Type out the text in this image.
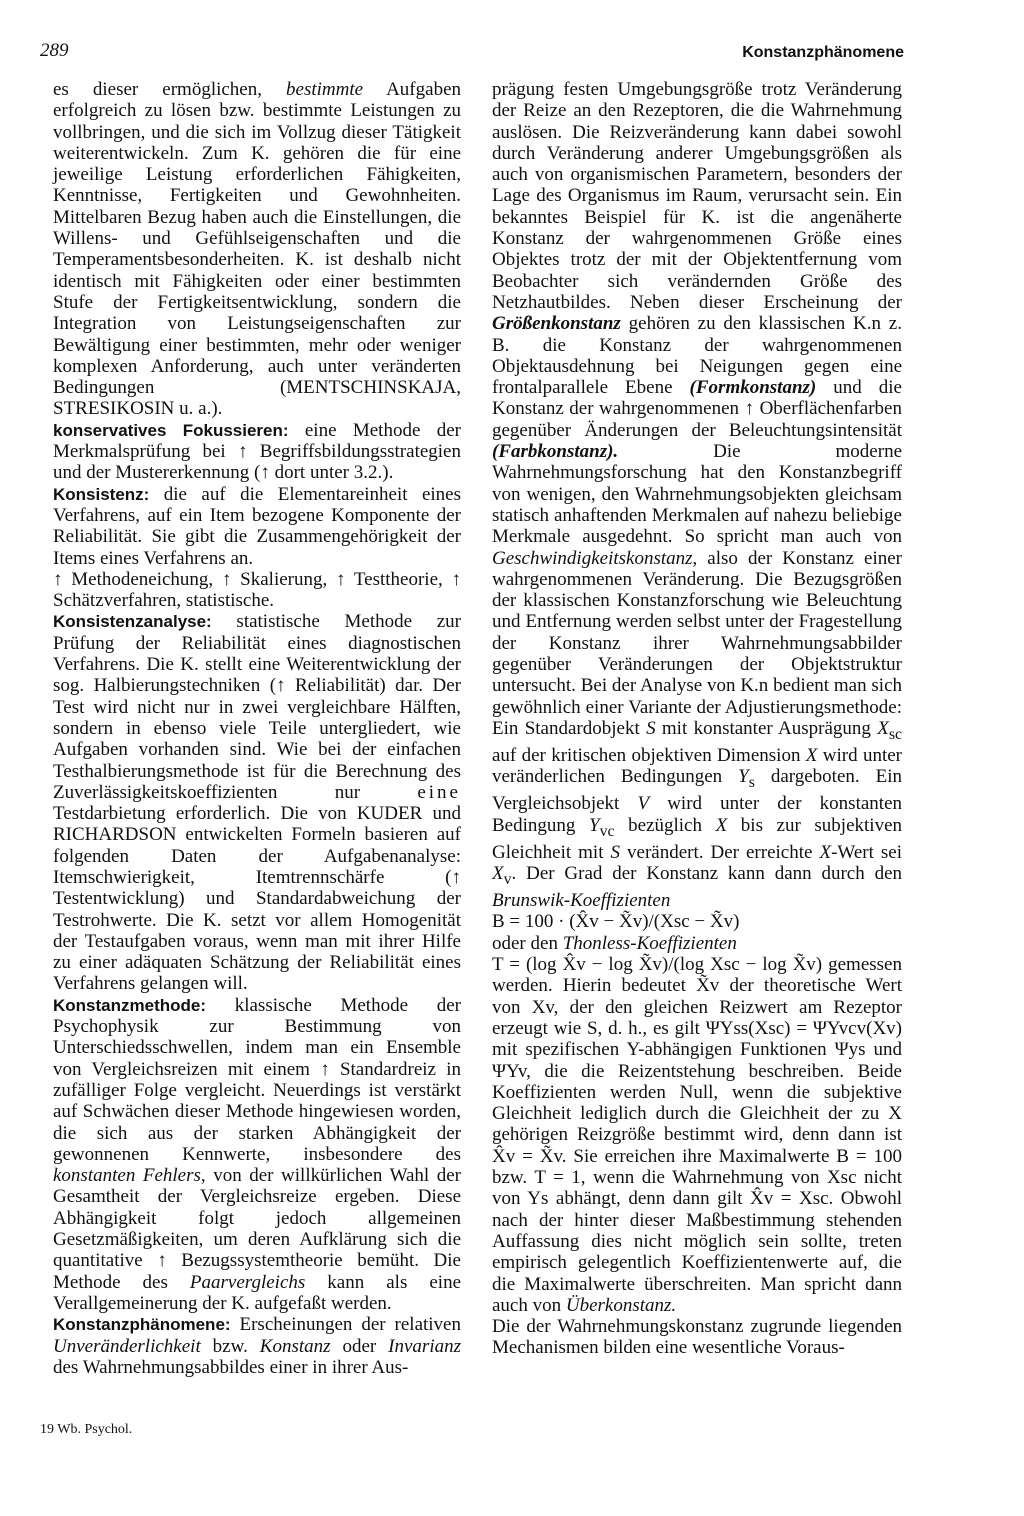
289	Konstanzphänomene

es dieser ermöglichen, bestimmte Aufgaben erfolgreich zu lösen bzw. bestimmte Leistungen zu vollbringen, und die sich im Vollzug dieser Tätigkeit weiterentwickeln. Zum K. gehören die für eine jeweilige Leistung erforderlichen Fähigkeiten, Kenntnisse, Fertigkeiten und Gewohnheiten. Mittelbaren Bezug haben auch die Einstellungen, die Willens- und Gefühlseigenschaften und die Temperamentsbesonderheiten. K. ist deshalb nicht identisch mit Fähigkeiten oder einer bestimmten Stufe der Fertigkeitsentwicklung, sondern die Integration von Leistungseigenschaften zur Bewältigung einer bestimmten, mehr oder weniger komplexen Anforderung, auch unter veränderten Bedingungen (MENTSCHINSKAJA, STRESIKOSIN u. a.).

konservatives Fokussieren: eine Methode der Merkmalsprüfung bei ↑ Begriffsbildungsstrategien und der Mustererkennung (↑ dort unter 3.2.).

Konsistenz: die auf die Elementareinheit eines Verfahrens, auf ein Item bezogene Komponente der Reliabilität. Sie gibt die Zusammengehörigkeit der Items eines Verfahrens an.

↑ Methodeneichung, ↑ Skalierung, ↑ Testtheorie, ↑ Schätzverfahren, statistische.

Konsistenzanalyse: statistische Methode zur Prüfung der Reliabilität eines diagnostischen Verfahrens. Die K. stellt eine Weiterentwicklung der sog. Halbierungstechniken (↑ Reliabilität) dar. Der Test wird nicht nur in zwei vergleichbare Hälften, sondern in ebenso viele Teile untergliedert, wie Aufgaben vorhanden sind. Wie bei der einfachen Testhalbierungsmethode ist für die Berechnung des Zuverlässigkeitskoeffizienten nur eine Testdarbietung erforderlich. Die von KUDER und RICHARDSON entwickelten Formeln basieren auf folgenden Daten der Aufgabenanalyse: Itemschwierigkeit, Itemtrennschärfe (↑ Testentwicklung) und Standardabweichung der Testrohwerte. Die K. setzt vor allem Homogenität der Testaufgaben voraus, wenn man mit ihrer Hilfe zu einer adäquaten Schätzung der Reliabilität eines Verfahrens gelangen will.

Konstanzmethode: klassische Methode der Psychophysik zur Bestimmung von Unterschiedsschwellen, indem man ein Ensemble von Vergleichsreizen mit einem ↑ Standardreiz in zufälliger Folge vergleicht. Neuerdings ist verstärkt auf Schwächen dieser Methode hingewiesen worden, die sich aus der starken Abhängigkeit der gewonnenen Kennwerte, insbesondere des konstanten Fehlers, von der willkürlichen Wahl der Gesamtheit der Vergleichsreize ergeben. Diese Abhängigkeit folgt jedoch allgemeinen Gesetzmäßigkeiten, um deren Aufklärung sich die quantitative ↑ Bezugssystemtheorie bemüht. Die Methode des Paarvergleichs kann als eine Verallgemeinerung der K. aufgefaßt werden.

Konstanzphänomene: Erscheinungen der relativen Unveränderlichkeit bzw. Konstanz oder Invarianz des Wahrnehmungsabbildes einer in ihrer Aus-

prägung festen Umgebungsgröße trotz Veränderung der Reize an den Rezeptoren, die die Wahrnehmung auslösen. Die Reizveränderung kann dabei sowohl durch Veränderung anderer Umgebungsgrößen als auch von organismischen Parametern, besonders der Lage des Organismus im Raum, verursacht sein. Ein bekanntes Beispiel für K. ist die angenäherte Konstanz der wahrgenommenen Größe eines Objektes trotz der mit der Objektentfernung vom Beobachter sich verändernden Größe des Netzhautbildes. Neben dieser Erscheinung der Größenkonstanz gehören zu den klassischen K.n z. B. die Konstanz der wahrgenommenen Objektausdehnung bei Neigungen gegen eine frontalparallele Ebene (Formkonstanz) und die Konstanz der wahrgenommenen ↑ Oberflächenfarben gegenüber Änderungen der Beleuchtungsintensität (Farbkonstanz). Die moderne Wahrnehmungsforschung hat den Konstanzbegriff von wenigen, den Wahrnehmungsobjekten gleichsam statisch anhaftenden Merkmalen auf nahezu beliebige Merkmale ausgedehnt. So spricht man auch von Geschwindigkeitskonstanz, also der Konstanz einer wahrgenommenen Veränderung. Die Bezugsgrößen der klassischen Konstanzforschung wie Beleuchtung und Entfernung werden selbst unter der Fragestellung der Konstanz ihrer Wahrnehmungsabbilder gegenüber Veränderungen der Objektstruktur untersucht. Bei der Analyse von K.n bedient man sich gewöhnlich einer Variante der Adjustierungsmethode: Ein Standardobjekt S mit konstanter Ausprägung $X_{sc}$ auf der kritischen objektiven Dimension X wird unter veränderlichen Bedingungen $Y_s$ dargeboten. Ein Vergleichsobjekt V wird unter der konstanten Bedingung $Y_{vc}$ bezüglich X bis zur subjektiven Gleichheit mit S verändert. Der erreichte X-Wert sei $X_v$. Der Grad der Konstanz kann dann durch den Brunswik-Koeffizienten

B = 100 · (X̂v − X̃v)/(Xsc − X̃v)

oder den Thonless-Koeffizienten

T = (log X̂v − log X̃v)/(log Xsc − log X̃v) gemessen werden. Hierin bedeutet X̃v der theoretische Wert von Xv, der den gleichen Reizwert am Rezeptor erzeugt wie S, d. h., es gilt ΨYss(Xsc) = ΨYvcv(Xv) mit spezifischen Y-abhängigen Funktionen Ψys und ΨYv, die die Reizentstehung beschreiben. Beide Koeffizienten werden Null, wenn die subjektive Gleichheit lediglich durch die Gleichheit der zu X gehörigen Reizgröße bestimmt wird, denn dann ist X̂v = X̃v. Sie erreichen ihre Maximalwerte B = 100 bzw. T = 1, wenn die Wahrnehmung von Xsc nicht von Ys abhängt, denn dann gilt X̂v = Xsc. Obwohl nach der hinter dieser Maßbestimmung stehenden Auffassung dies nicht möglich sein sollte, treten empirisch gelegentlich Koeffizientenwerte auf, die die Maximalwerte überschreiten. Man spricht dann auch von Überkonstanz.

Die der Wahrnehmungskonstanz zugrunde liegenden Mechanismen bilden eine wesentliche Voraus-

19 Wb. Psychol.
